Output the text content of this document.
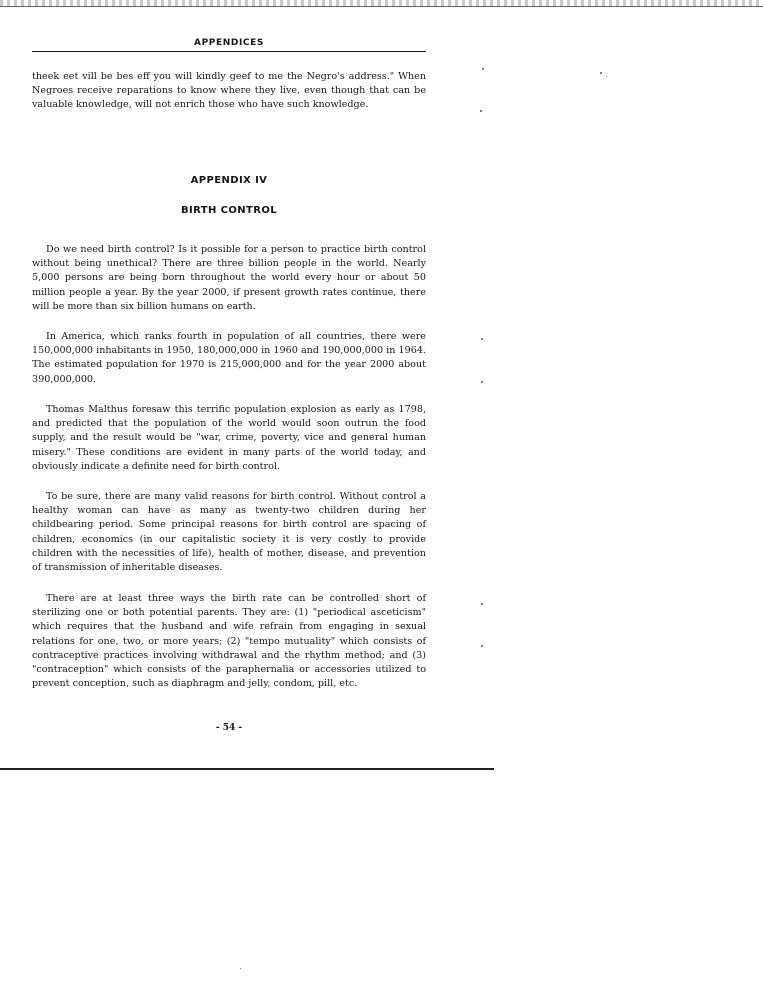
APPENDICES

theek eet vill be bes eff you will kindly geef to me the Negro's address." When Negroes receive reparations to know where they live, even though that can be valuable knowledge, will not enrich those who have such knowledge.

APPENDIX IV
BIRTH CONTROL

Do we need birth control? Is it possible for a person to practice birth control without being unethical? There are three billion people in the world. Nearly 5,000 persons are being born throughout the world every hour or about 50 million people a year. By the year 2000, if present growth rates continue, there will be more than six billion humans on earth.

In America, which ranks fourth in population of all countries, there were 150,000,000 inhabitants in 1950, 180,000,000 in 1960 and 190,000,000 in 1964. The estimated population for 1970 is 215,000,000 and for the year 2000 about 390,000,000.

Thomas Malthus foresaw this terrific population explosion as early as 1798, and predicted that the population of the world would soon outrun the food supply, and the result would be "war, crime, poverty, vice and general human misery." These conditions are evident in many parts of the world today, and obviously indicate a definite need for birth control.

To be sure, there are many valid reasons for birth control. Without control a healthy woman can have as many as twenty-two children during her childbearing period. Some principal reasons for birth control are spacing of children, economics (in our capitalistic society it is very costly to provide children with the necessities of life), health of mother, disease, and prevention of transmission of inheritable diseases.

There are at least three ways the birth rate can be controlled short of sterilizing one or both potential parents. They are: (1) "periodical asceticism" which requires that the husband and wife refrain from engaging in sexual relations for one, two, or more years; (2) "tempo mutuality" which consists of contraceptive practices involving withdrawal and the rhythm method; and (3) "contraception" which consists of the paraphernalia or accessories utilized to prevent conception, such as diaphragm and jelly, condom, pill, etc.

- 54 -
